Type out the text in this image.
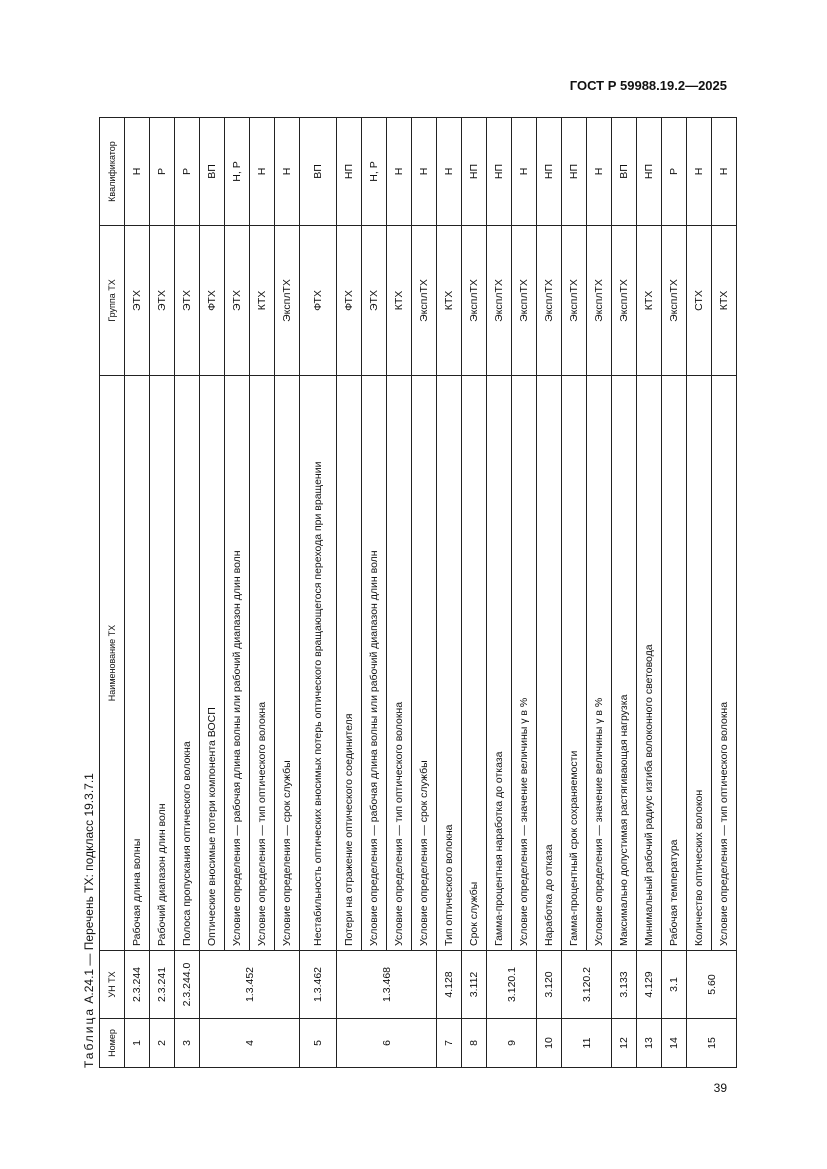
ГОСТ Р 59988.19.2—2025
Таблица А.24.1 — Перечень ТХ: подкласс 19.3.7.1
Номер	УН ТХ	Наименование ТХ	Группа ТХ	Квалификатор
1	2.3.244	Рабочая длина волны	ЭТХ	Н
2	2.3.241	Рабочий диапазон длин волн	ЭТХ	Р
3	2.3.244.0	Полоса пропускания оптического волокна	ЭТХ	Р
4	1.3.452	Оптические вносимые потери компонента ВОСП	ФТХ	ВП
		Условие определения — рабочая длина волны или рабочий диапазон длин волн	ЭТХ	Н, Р
		Условие определения — тип оптического волокна	КТХ	Н
		Условие определения — срок службы	ЭксплТХ	Н
5	1.3.462	Нестабильность оптических вносимых потерь оптического вращающегося перехода при вращении	ФТХ	ВП
6	1.3.468	Потери на отражение оптического соединителя	ФТХ	НП
		Условие определения — рабочая длина волны или рабочий диапазон длин волн	ЭТХ	Н, Р
		Условие определения — тип оптического волокна	КТХ	Н
		Условие определения — срок службы	ЭксплТХ	Н
7	4.128	Тип оптического волокна	КТХ	Н
8	3.112	Срок службы	ЭксплТХ	НП
9	3.120.1	Гамма-процентная наработка до отказа	ЭксплТХ	НП
		Условие определения — значение величины γ в %	ЭксплТХ	Н
10	3.120	Наработка до отказа	ЭксплТХ	НП
11	3.120.2	Гамма-процентный срок сохраняемости	ЭксплТХ	НП
		Условие определения — значение величины γ в %	ЭксплТХ	Н
12	3.133	Максимально допустимая растягивающая нагрузка	ЭксплТХ	ВП
13	4.129	Минимальный рабочий радиус изгиба волоконного световода	КТХ	НП
14	3.1	Рабочая температура	ЭксплТХ	Р
15	5.60	Количество оптических волокон	СТХ	Н
		Условие определения — тип оптического волокна	КТХ	Н
39
